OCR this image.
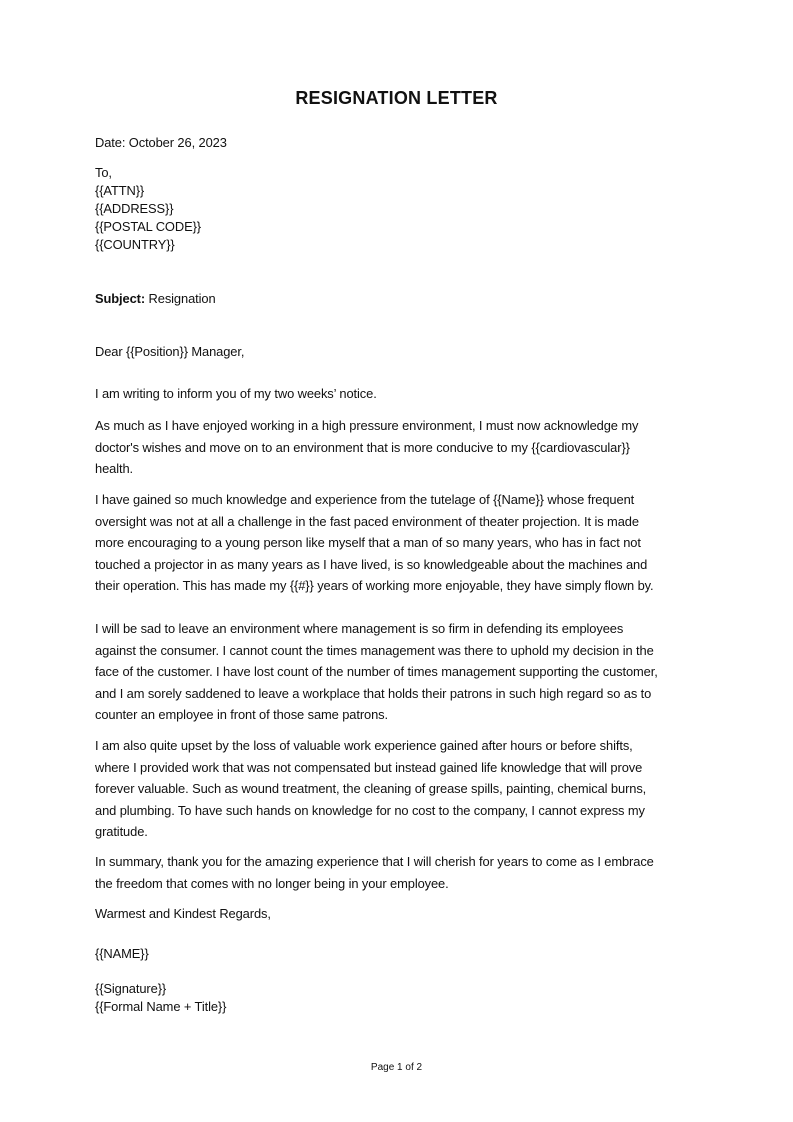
RESIGNATION LETTER
Date: October 26, 2023
To,
{{ATTN}}
{{ADDRESS}}
{{POSTAL CODE}}
{{COUNTRY}}
Subject: Resignation
Dear {{Position}} Manager,
I am writing to inform you of my two weeks’ notice.
As much as I have enjoyed working in a high pressure environment, I must now acknowledge my
doctor's wishes and move on to an environment that is more conducive to my {{cardiovascular}}
health.
I have gained so much knowledge and experience from the tutelage of {{Name}} whose frequent
oversight was not at all a challenge in the fast paced environment of theater projection. It is made
more encouraging to a young person like myself that a man of so many years, who has in fact not
touched a projector in as many years as I have lived, is so knowledgeable about the machines and
their operation. This has made my {{#}} years of working more enjoyable, they have simply flown by.
I will be sad to leave an environment where management is so firm in defending its employees
against the consumer. I cannot count the times management was there to uphold my decision in the
face of the customer. I have lost count of the number of times management supporting the customer,
and I am sorely saddened to leave a workplace that holds their patrons in such high regard so as to
counter an employee in front of those same patrons.
I am also quite upset by the loss of valuable work experience gained after hours or before shifts,
where I provided work that was not compensated but instead gained life knowledge that will prove
forever valuable. Such as wound treatment, the cleaning of grease spills, painting, chemical burns,
and plumbing. To have such hands on knowledge for no cost to the company, I cannot express my
gratitude.
In summary, thank you for the amazing experience that I will cherish for years to come as I embrace
the freedom that comes with no longer being in your employee.
Warmest and Kindest Regards,
{{NAME}}
{{Signature}}
{{Formal Name + Title}}
Page 1 of 2
